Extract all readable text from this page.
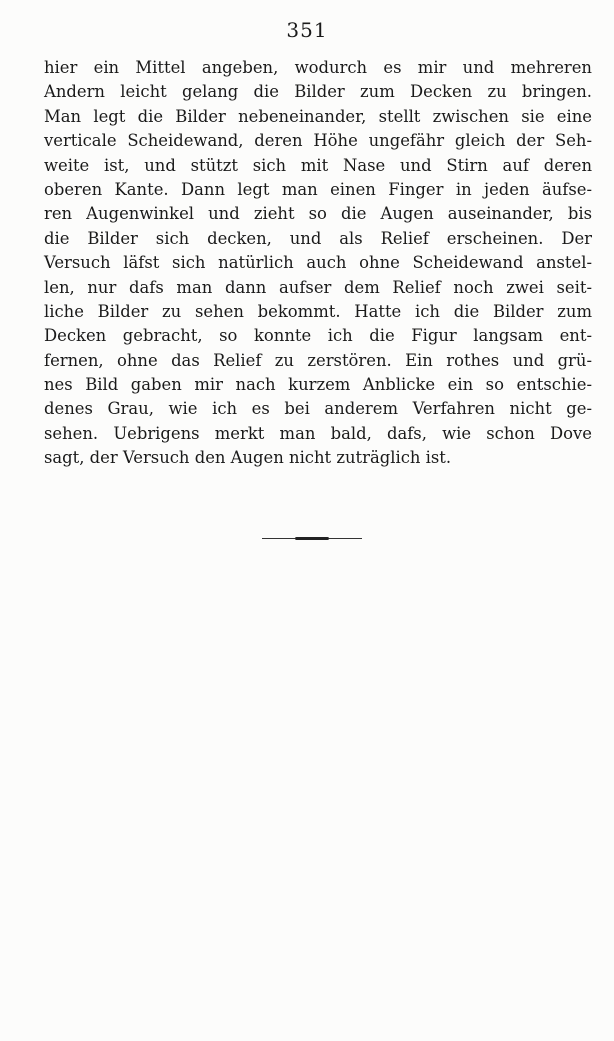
351
hier ein Mittel angeben, wodurch es mir und mehreren
Andern leicht gelang die Bilder zum Decken zu bringen.
Man legt die Bilder nebeneinander, stellt zwischen sie eine
verticale Scheidewand, deren Höhe ungefähr gleich der Seh-
weite ist, und stützt sich mit Nase und Stirn auf deren
oberen Kante. Dann legt man einen Finger in jeden äufse-
ren Augenwinkel und zieht so die Augen auseinander, bis
die Bilder sich decken, und als Relief erscheinen. Der
Versuch läfst sich natürlich auch ohne Scheidewand anstel-
len, nur dafs man dann aufser dem Relief noch zwei seit-
liche Bilder zu sehen bekommt. Hatte ich die Bilder zum
Decken gebracht, so konnte ich die Figur langsam ent-
fernen, ohne das Relief zu zerstören. Ein rothes und grü-
nes Bild gaben mir nach kurzem Anblicke ein so entschie-
denes Grau, wie ich es bei anderem Verfahren nicht ge-
sehen. Uebrigens merkt man bald, dafs, wie schon Dove
sagt, der Versuch den Augen nicht zuträglich ist.
